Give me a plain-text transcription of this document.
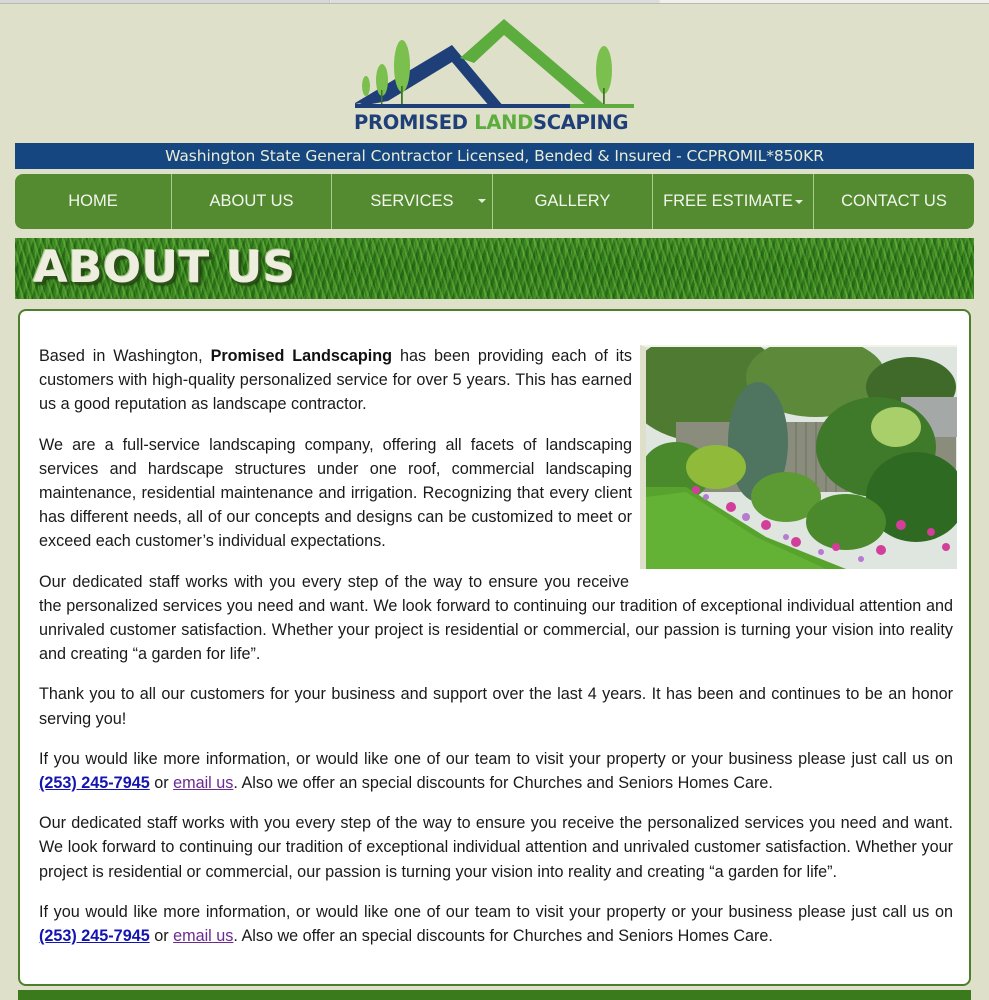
PROMISED LANDSCAPING
Washington State General Contractor Licensed, Bended & Insured - CCPROMIL*850KR
HOME	ABOUT US	SERVICES	GALLERY	FREE ESTIMATE	CONTACT US
ABOUT US

Based in Washington, Promised Landscaping has been providing each of its customers with high-quality personalized service for over 5 years. This has earned us a good reputation as landscape contractor.

We are a full-service landscaping company, offering all facets of landscaping services and hardscape structures under one roof, commercial landscaping maintenance, residential maintenance and irrigation. Recognizing that every client has different needs, all of our concepts and designs can be customized to meet or exceed each customer’s individual expectations.

Our dedicated staff works with you every step of the way to ensure you receive
the personalized services you need and want. We look forward to continuing our tradition of exceptional individual attention and unrivaled customer satisfaction. Whether your project is residential or commercial, our passion is turning your vision into reality and creating “a garden for life”.

Thank you to all our customers for your business and support over the last 4 years. It has been and continues to be an honor serving you!

If you would like more information, or would like one of our team to visit your property or your business please just call us on (253) 245-7945 or email us. Also we offer an special discounts for Churches and Seniors Homes Care.

Our dedicated staff works with you every step of the way to ensure you receive the personalized services you need and want. We look forward to continuing our tradition of exceptional individual attention and unrivaled customer satisfaction. Whether your project is residential or commercial, our passion is turning your vision into reality and creating “a garden for life”.

If you would like more information, or would like one of our team to visit your property or your business please just call us on (253) 245-7945 or email us. Also we offer an special discounts for Churches and Seniors Homes Care.
